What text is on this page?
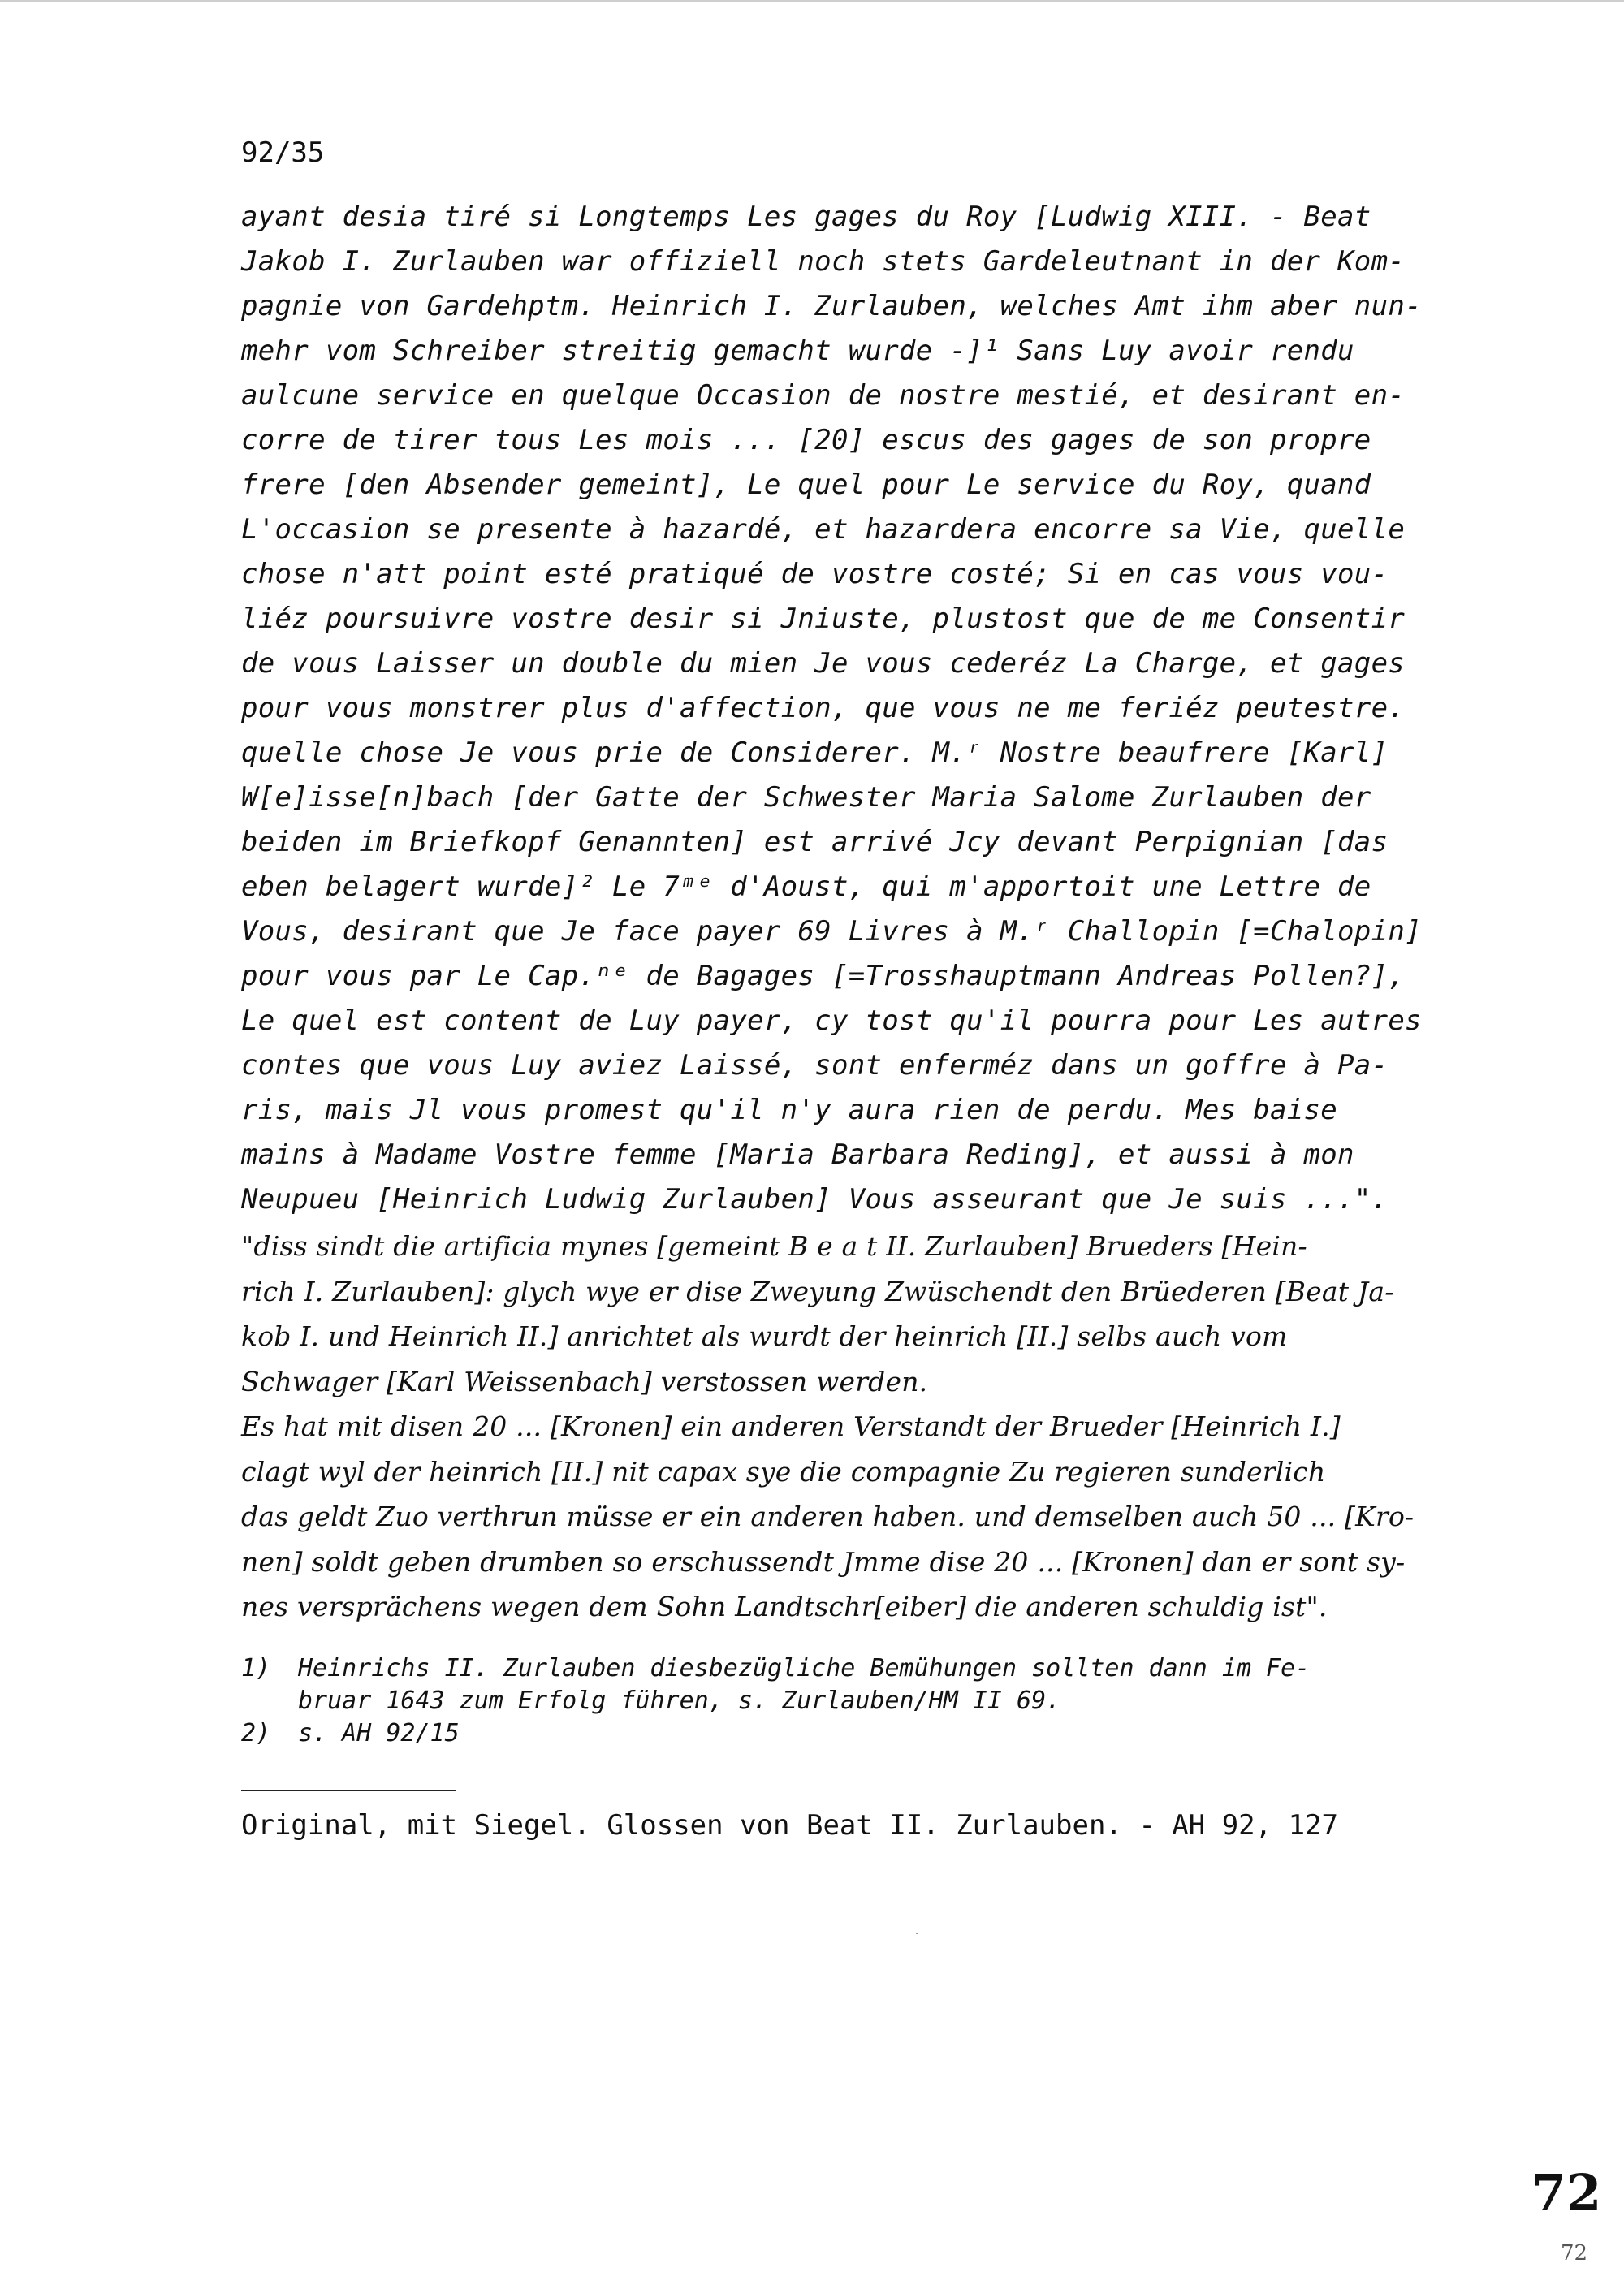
92/35
ayant desia tiré si Longtemps Les gages du Roy [Ludwig XIII. - Beat
Jakob I. Zurlauben war offiziell noch stets Gardeleutnant in der Kom-
pagnie von Gardehptm. Heinrich I. Zurlauben, welches Amt ihm aber nun-
mehr vom Schreiber streitig gemacht wurde -]¹ Sans Luy avoir rendu
aulcune service en quelque Occasion de nostre mestié, et desirant en-
corre de tirer tous Les mois ... [20] escus des gages de son propre
frere [den Absender gemeint], Le quel pour Le service du Roy, quand
L'occasion se presente à hazardé, et hazardera encorre sa Vie, quelle
chose n'att point esté pratiqué de vostre costé; Si en cas vous vou-
liéz poursuivre vostre desir si Jniuste, plustost que de me Consentir
de vous Laisser un double du mien Je vous cederéz La Charge, et gages
pour vous monstrer plus d'affection, que vous ne me feriéz peutestre.
quelle chose Je vous prie de Considerer. M.ʳ Nostre beaufrere [Karl]
W[e]isse[n]bach [der Gatte der Schwester Maria Salome Zurlauben der
beiden im Briefkopf Genannten] est arrivé Jcy devant Perpignian [das
eben belagert wurde]² Le 7ᵐᵉ d'Aoust, qui m'apportoit une Lettre de
Vous, desirant que Je face payer 69 Livres à M.ʳ Challopin [=Chalopin]
pour vous par Le Cap.ⁿᵉ de Bagages [=Trosshauptmann Andreas Pollen?],
Le quel est content de Luy payer, cy tost qu'il pourra pour Les autres
contes que vous Luy aviez Laissé, sont enferméz dans un goffre à Pa-
ris, mais Jl vous promest qu'il n'y aura rien de perdu. Mes baise
mains à Madame Vostre femme [Maria Barbara Reding], et aussi à mon
Neupueu [Heinrich Ludwig Zurlauben] Vous asseurant que Je suis ...".
"diss sindt die artificia mynes [gemeint B e a t II. Zurlauben] Brueders [Hein-
rich I. Zurlauben]: glych wye er dise Zweyung Zwüschendt den Brüederen [Beat Ja-
kob I. und Heinrich II.] anrichtet als wurdt der heinrich [II.] selbs auch vom
Schwager [Karl Weissenbach] verstossen werden.
Es hat mit disen 20 ... [Kronen] ein anderen Verstandt der Brueder [Heinrich I.]
clagt wyl der heinrich [II.] nit capax sye die compagnie Zu regieren sunderlich
das geldt Zuo verthrun müsse er ein anderen haben. und demselben auch 50 ... [Kro-
nen] soldt geben drumben so erschussendt Jmme dise 20 ... [Kronen] dan er sont sy-
nes versprächens wegen dem Sohn Landtschr[eiber] die anderen schuldig ist".
1)	Heinrichs II. Zurlauben diesbezügliche Bemühungen sollten dann im Fe-
bruar 1643 zum Erfolg führen, s. Zurlauben/HM II 69.
2)	s. AH 92/15
Original, mit Siegel. Glossen von Beat II. Zurlauben. - AH 92, 127
72
72
